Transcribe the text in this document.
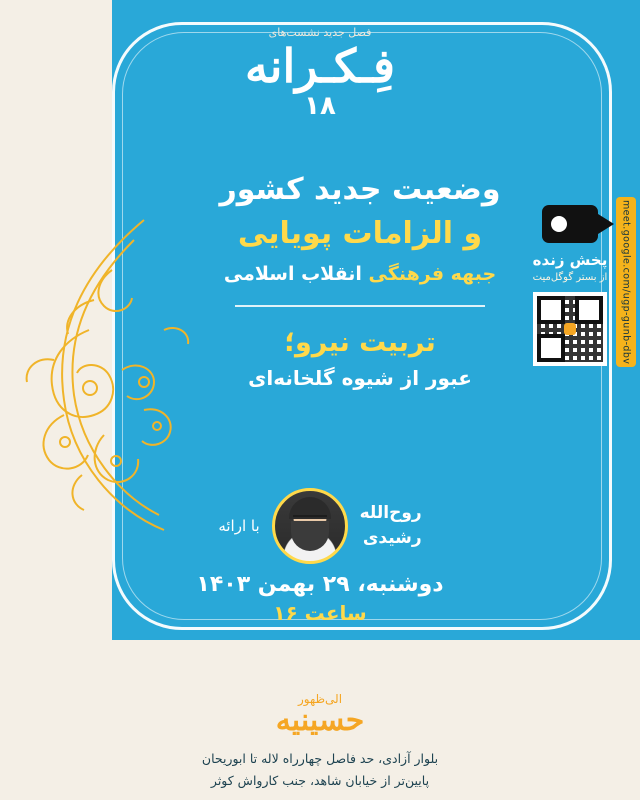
فصل جدید نشست‌های
فِـکـرانه
۱۸
وضعیت جدید کشور
و الزامات پویایی
جبهه فرهنگی انقلاب اسلامی
تربیت نیرو؛
عبور از شیوه گلخانه‌ای
روح‌الله
رشیدی
با ارائه
دوشنبه، ۲۹ بهمن ۱۴۰۳
ساعت ۱۶
meet.google.com/ugp-gunb-dbv
پخش زنده
از بستر گوگل‌میت
الی‌ظهور
حسینیه
بلوار آزادی، حد فاصل چهارراه لاله تا ابوریحان
پایین‌تر از خیابان شاهد، جنب کارواش کوثر
